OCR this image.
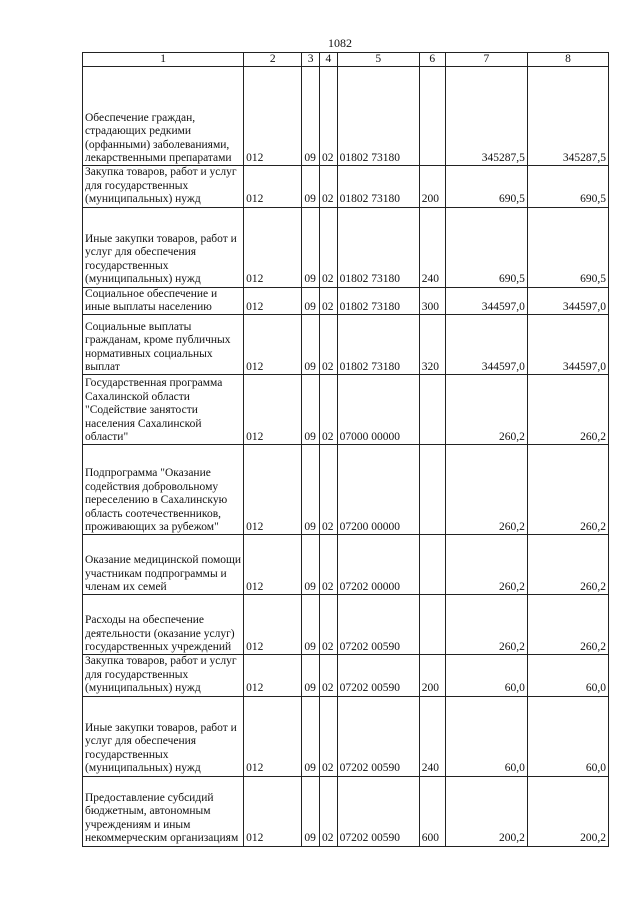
1082
1	2	3	4	5	6	7	8
Обеспечение граждан, страдающих редкими (орфанными) заболеваниями, лекарственными препаратами	012	09	02	01802 73180		345287,5	345287,5
Закупка товаров, работ и услуг для государственных (муниципальных) нужд	012	09	02	01802 73180	200	690,5	690,5
Иные закупки товаров, работ и услуг для обеспечения государственных (муниципальных) нужд	012	09	02	01802 73180	240	690,5	690,5
Социальное обеспечение и иные выплаты населению	012	09	02	01802 73180	300	344597,0	344597,0
Социальные выплаты гражданам, кроме публичных нормативных социальных выплат	012	09	02	01802 73180	320	344597,0	344597,0
Государственная программа Сахалинской области "Содействие занятости населения Сахалинской области"	012	09	02	07000 00000		260,2	260,2
Подпрограмма "Оказание содействия добровольному переселению в Сахалинскую область соотечественников, проживающих за рубежом"	012	09	02	07200 00000		260,2	260,2
Оказание медицинской помощи участникам подпрограммы и членам их семей	012	09	02	07202 00000		260,2	260,2
Расходы на обеспечение деятельности (оказание услуг) государственных учреждений	012	09	02	07202 00590		260,2	260,2
Закупка товаров, работ и услуг для государственных (муниципальных) нужд	012	09	02	07202 00590	200	60,0	60,0
Иные закупки товаров, работ и услуг для обеспечения государственных (муниципальных) нужд	012	09	02	07202 00590	240	60,0	60,0
Предоставление субсидий бюджетным, автономным учреждениям и иным некоммерческим организациям	012	09	02	07202 00590	600	200,2	200,2
